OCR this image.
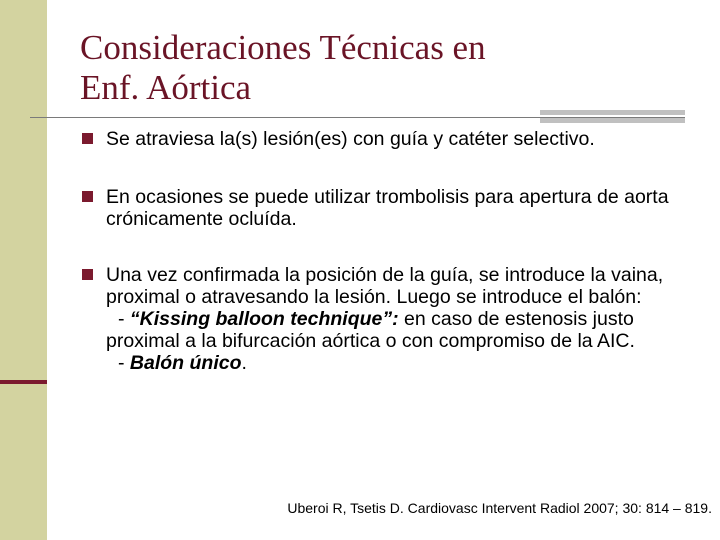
Consideraciones Técnicas en
Enf. Aórtica
Se atraviesa la(s) lesión(es) con guía y catéter selectivo.
En ocasiones se puede utilizar trombolisis para apertura de aorta crónicamente ocluída.
Una vez confirmada la posición de la guía, se introduce la vaina, proximal o atravesando la lesión. Luego se introduce el balón:
- “Kissing balloon technique”: en caso de estenosis justo proximal a la bifurcación aórtica o con compromiso de la AIC.
- Balón único.
Uberoi R, Tsetis D. Cardiovasc Intervent Radiol 2007; 30: 814 – 819.
